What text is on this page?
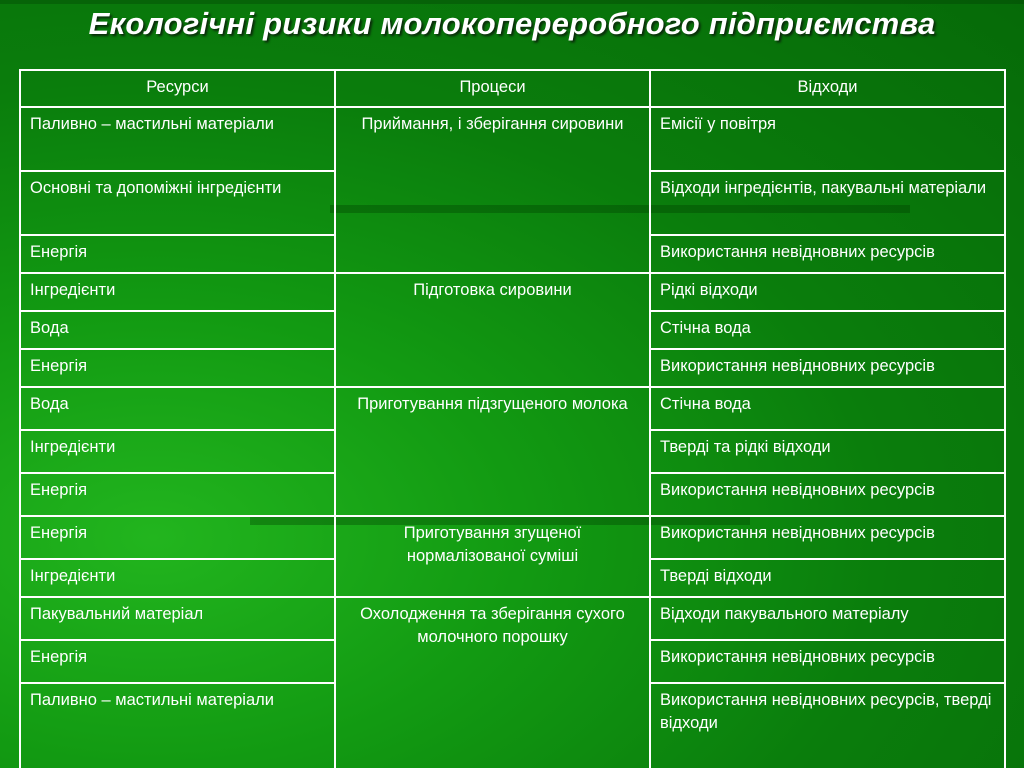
Екологічні ризики молокопереробного підприємства
Ресурси	Процеси	Відходи
Паливно – мастильні матеріали	Приймання, і зберігання сировини	Емісії у повітря
Основні та допоміжні інгредієнти		Відходи інгредієнтів, пакувальні матеріали
Енергія		Використання невідновних ресурсів
Інгредієнти	Підготовка сировини	Рідкі відходи
Вода		Стічна вода
Енергія		Використання невідновних ресурсів
Вода	Приготування підзгущеного молока	Стічна вода
Інгредієнти		Тверді та рідкі відходи
Енергія		Використання невідновних ресурсів
Енергія	Приготування згущеної нормалізованої суміші	Використання невідновних ресурсів
Інгредієнти		Тверді відходи
Пакувальний матеріал	Охолодження та зберігання сухого молочного порошку	Відходи пакувального матеріалу
Енергія		Використання невідновних ресурсів
Паливно – мастильні матеріали		Використання невідновних ресурсів, тверді відходи
